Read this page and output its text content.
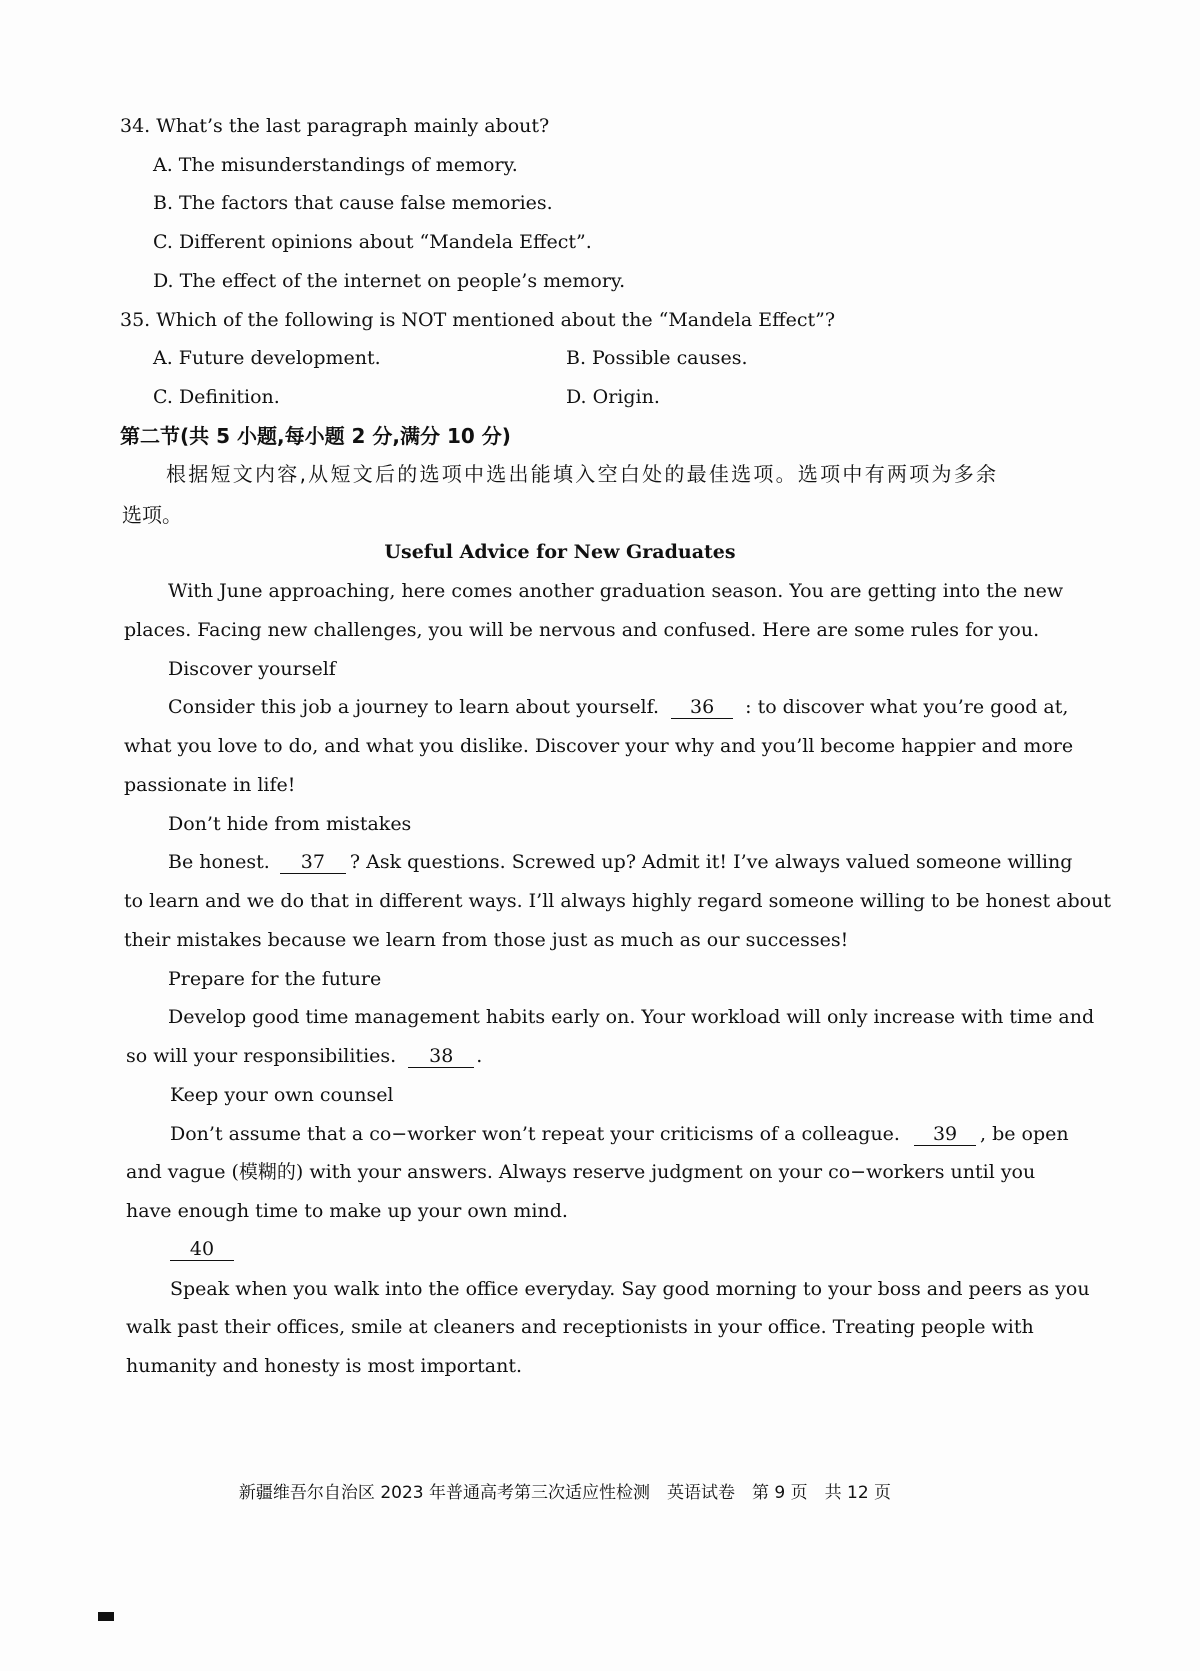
34. What’s the last paragraph mainly about?
A. The misunderstandings of memory.
B. The factors that cause false memories.
C. Different opinions about “Mandela Effect”.
D. The effect of the internet on people’s memory.
35. Which of the following is NOT mentioned about the “Mandela Effect”?
A. Future development.	B. Possible causes.
C. Definition.	D. Origin.
第二节(共 5 小题,每小题 2 分,满分 10 分)
根据短文内容,从短文后的选项中选出能填入空白处的最佳选项。选项中有两项为多余
选项。
Useful Advice for New Graduates
With June approaching, here comes another graduation season. You are getting into the new
places. Facing new challenges, you will be nervous and confused. Here are some rules for you.
Discover yourself
Consider this job a journey to learn about yourself. 36 : to discover what you’re good at,
what you love to do, and what you dislike. Discover your why and you’ll become happier and more
passionate in life!
Don’t hide from mistakes
Be honest. 37 ? Ask questions. Screwed up? Admit it! I’ve always valued someone willing
to learn and we do that in different ways. I’ll always highly regard someone willing to be honest about
their mistakes because we learn from those just as much as our successes!
Prepare for the future
Develop good time management habits early on. Your workload will only increase with time and
so will your responsibilities. 38 .
Keep your own counsel
Don’t assume that a co−worker won’t repeat your criticisms of a colleague. 39 , be open
and vague (模糊的) with your answers. Always reserve judgment on your co−workers until you
have enough time to make up your own mind.
40
Speak when you walk into the office everyday. Say good morning to your boss and peers as you
walk past their offices, smile at cleaners and receptionists in your office. Treating people with
humanity and honesty is most important.
新疆维吾尔自治区 2023 年普通高考第三次适应性检测　英语试卷　第 9 页　共 12 页
